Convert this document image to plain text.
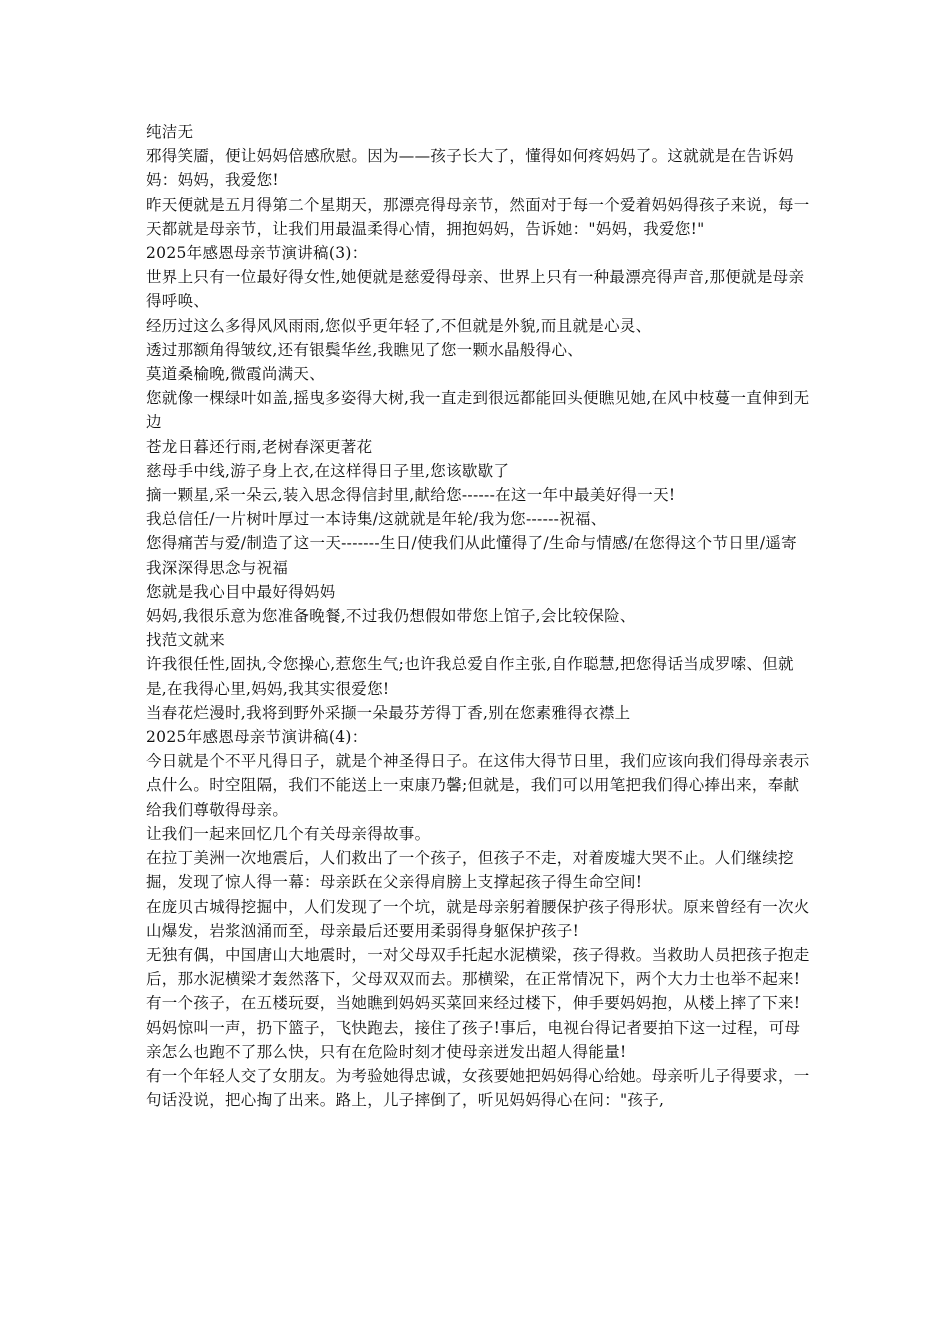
纯洁无

邪得笑靥，便让妈妈倍感欣慰。因为——孩子长大了，懂得如何疼妈妈了。这就就是在告诉妈妈：妈妈，我爱您!

昨天便就是五月得第二个星期天，那漂亮得母亲节，然面对于每一个爱着妈妈得孩子来说，每一天都就是母亲节，让我们用最温柔得心情，拥抱妈妈，告诉她："妈妈，我爱您!"

2025年感恩母亲节演讲稿(3)：

世界上只有一位最好得女性,她便就是慈爱得母亲、世界上只有一种最漂亮得声音,那便就是母亲得呼唤、

经历过这么多得风风雨雨,您似乎更年轻了,不但就是外貌,而且就是心灵、

透过那额角得皱纹,还有银鬓华丝,我瞧见了您一颗水晶般得心、

莫道桑榆晚,微霞尚满天、

您就像一棵绿叶如盖,摇曳多姿得大树,我一直走到很远都能回头便瞧见她,在风中枝蔓一直伸到无边

苍龙日暮还行雨,老树春深更著花

慈母手中线,游子身上衣,在这样得日子里,您该歇歇了

摘一颗星,采一朵云,装入思念得信封里,献给您------在这一年中最美好得一天!

我总信任/一片树叶厚过一本诗集/这就就是年轮/我为您------祝福、

您得痛苦与爱/制造了这一天-------生日/使我们从此懂得了/生命与情感/在您得这个节日里/遥寄我深深得思念与祝福

您就是我心目中最好得妈妈

妈妈,我很乐意为您准备晚餐,不过我仍想假如带您上馆子,会比较保险、

找范文就来

许我很任性,固执,令您操心,惹您生气;也许我总爱自作主张,自作聪慧,把您得话当成罗嗦、但就是,在我得心里,妈妈,我其实很爱您!

当春花烂漫时,我将到野外采撷一朵最芬芳得丁香,别在您素雅得衣襟上

2025年感恩母亲节演讲稿(4)：

今日就是个不平凡得日子，就是个神圣得日子。在这伟大得节日里，我们应该向我们得母亲表示点什么。时空阻隔，我们不能送上一束康乃馨;但就是，我们可以用笔把我们得心捧出来，奉献给我们尊敬得母亲。

让我们一起来回忆几个有关母亲得故事。

在拉丁美洲一次地震后，人们救出了一个孩子，但孩子不走，对着废墟大哭不止。人们继续挖掘，发现了惊人得一幕：母亲跃在父亲得肩膀上支撑起孩子得生命空间!

在庞贝古城得挖掘中，人们发现了一个坑，就是母亲躬着腰保护孩子得形状。原来曾经有一次火山爆发，岩浆汹涌而至，母亲最后还要用柔弱得身躯保护孩子!

无独有偶，中国唐山大地震时，一对父母双手托起水泥横梁，孩子得救。当救助人员把孩子抱走后，那水泥横梁才轰然落下，父母双双而去。那横梁，在正常情况下，两个大力士也举不起来!

有一个孩子，在五楼玩耍，当她瞧到妈妈买菜回来经过楼下，伸手要妈妈抱，从楼上摔了下来!妈妈惊叫一声，扔下篮子，飞快跑去，接住了孩子!事后，电视台得记者要拍下这一过程，可母亲怎么也跑不了那么快，只有在危险时刻才使母亲迸发出超人得能量!

有一个年轻人交了女朋友。为考验她得忠诚，女孩要她把妈妈得心给她。母亲听儿子得要求，一句话没说，把心掏了出来。路上，儿子摔倒了，听见妈妈得心在问："孩子,
